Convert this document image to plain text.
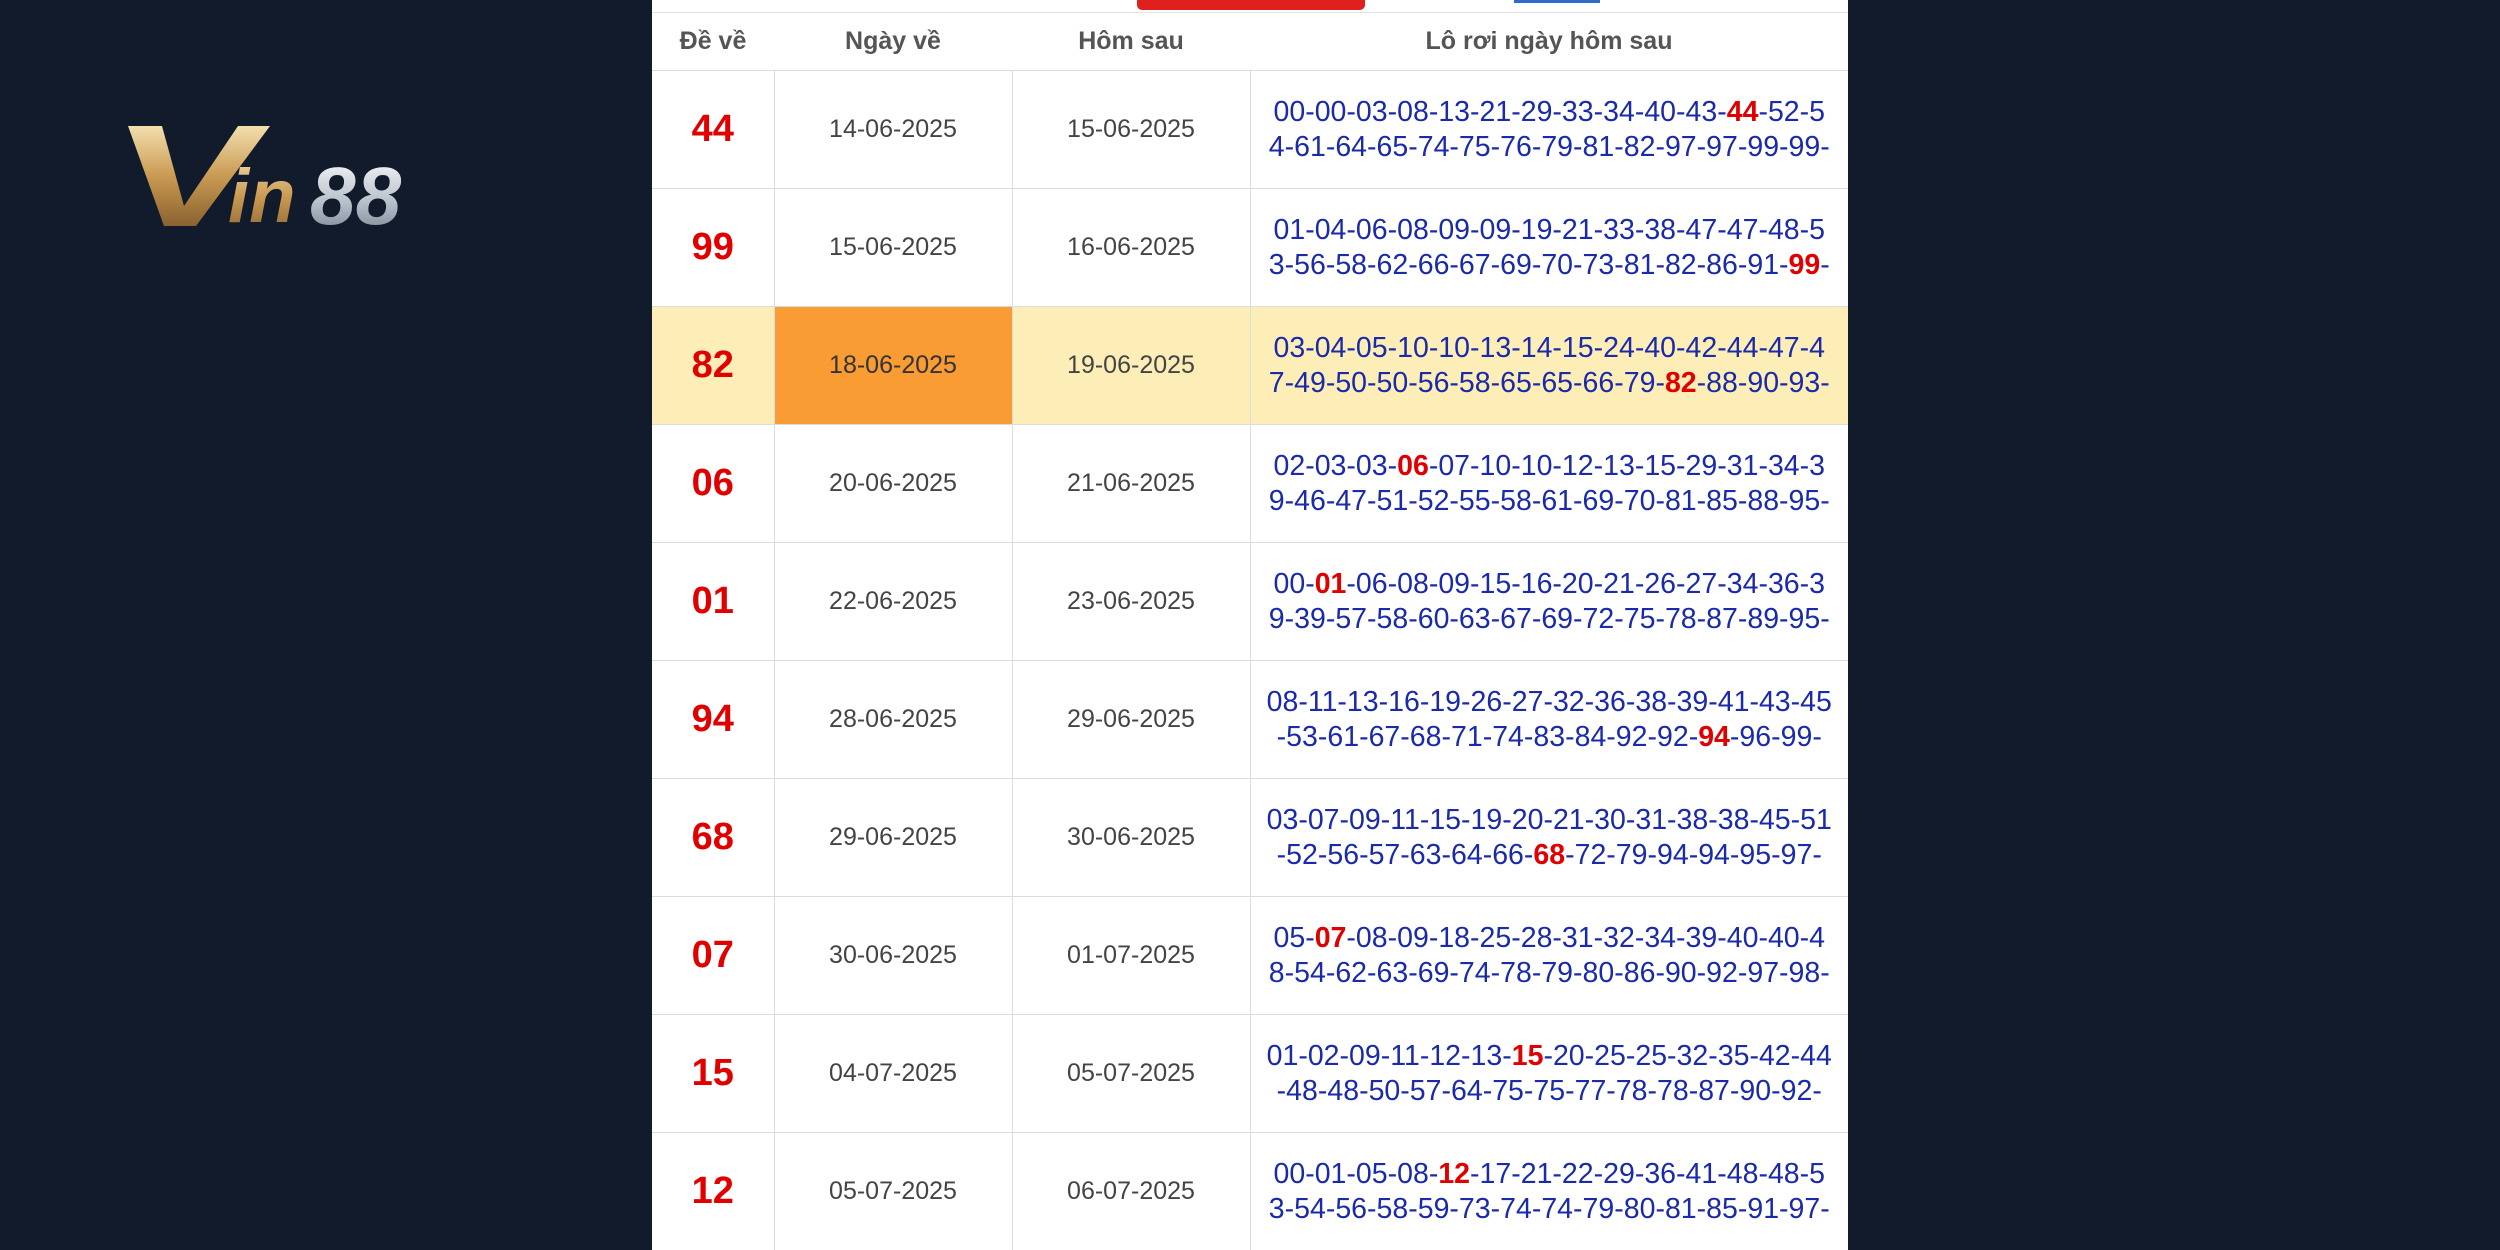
in 88
Đề về	Ngày về	Hôm sau	Lô rơi ngày hôm sau
44	14-06-2025	15-06-2025	00-00-03-08-13-21-29-33-34-40-43-44-52-54-61-64-65-74-75-76-79-81-82-97-97-99-99-
99	15-06-2025	16-06-2025	01-04-06-08-09-09-19-21-33-38-47-47-48-53-56-58-62-66-67-69-70-73-81-82-86-91-99-
82	18-06-2025	19-06-2025	03-04-05-10-10-13-14-15-24-40-42-44-47-47-49-50-50-56-58-65-65-66-79-82-88-90-93-
06	20-06-2025	21-06-2025	02-03-03-06-07-10-10-12-13-15-29-31-34-39-46-47-51-52-55-58-61-69-70-81-85-88-95-
01	22-06-2025	23-06-2025	00-01-06-08-09-15-16-20-21-26-27-34-36-39-39-57-58-60-63-67-69-72-75-78-87-89-95-
94	28-06-2025	29-06-2025	08-11-13-16-19-26-27-32-36-38-39-41-43-45-53-61-67-68-71-74-83-84-92-92-94-96-99-
68	29-06-2025	30-06-2025	03-07-09-11-15-19-20-21-30-31-38-38-45-51-52-56-57-63-64-66-68-72-79-94-94-95-97-
07	30-06-2025	01-07-2025	05-07-08-09-18-25-28-31-32-34-39-40-40-48-54-62-63-69-74-78-79-80-86-90-92-97-98-
15	04-07-2025	05-07-2025	01-02-09-11-12-13-15-20-25-25-32-35-42-44-48-48-50-57-64-75-75-77-78-78-87-90-92-
12	05-07-2025	06-07-2025	00-01-05-08-12-17-21-22-29-36-41-48-48-53-54-56-58-59-73-74-74-79-80-81-85-91-97-
